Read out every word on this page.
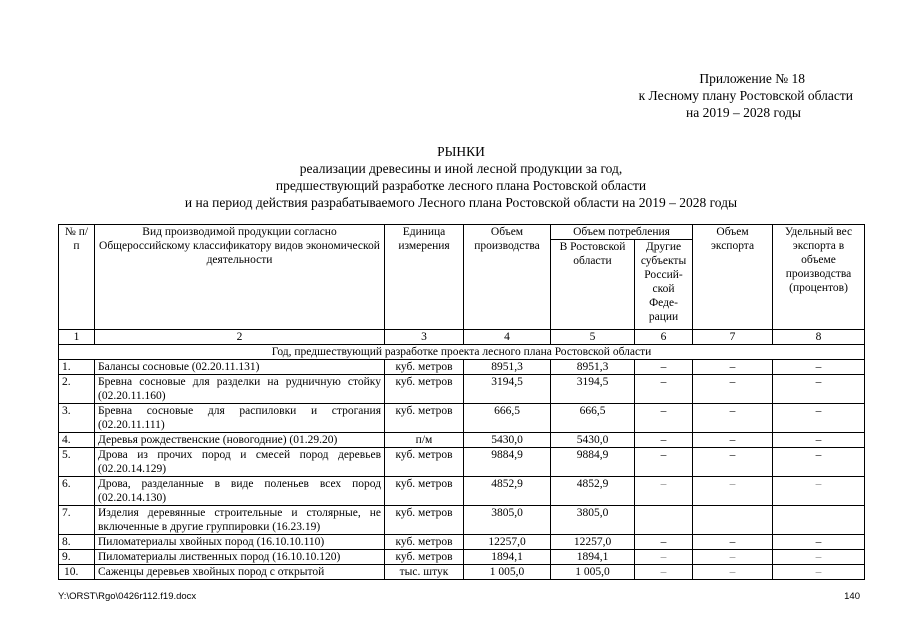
Приложение № 18
к Лесному плану Ростовской области
на 2019 – 2028 годы
РЫНКИ
реализации древесины и иной лесной продукции за год,
предшествующий разработке лесного плана Ростовской области
и на период действия разрабатываемого Лесного плана Ростовской области на 2019 – 2028 годы
№ п/п	Вид производимой продукции согласно Общероссийскому классификатору видов экономической деятельности	Единица измерения	Объем производства	Объем потребления		Объем экспорта	Удельный вес экспорта в объеме производства (процентов)
				В Ростовской области	Другие субъекты Россий-ской Феде-рации		
1	2	3	4	5	6	7	8
Год, предшествующий разработке проекта лесного плана Ростовской области							
1.	Балансы сосновые (02.20.11.131)	куб. метров	8951,3	8951,3	–	–	–
2.	Бревна сосновые для разделки на рудничную стойку (02.20.11.160)	куб. метров	3194,5	3194,5	–	–	–
3.	Бревна сосновые для распиловки и строгания (02.20.11.111)	куб. метров	666,5	666,5	–	–	–
4.	Деревья рождественские (новогодние) (01.29.20)	п/м	5430,0	5430,0	–	–	–
5.	Дрова из прочих пород и смесей пород деревьев (02.20.14.129)	куб. метров	9884,9	9884,9	–	–	–
6.	Дрова, разделанные в виде поленьев всех пород (02.20.14.130)	куб. метров	4852,9	4852,9	–	–	–
7.	Изделия деревянные строительные и столярные, не включенные в другие группировки (16.23.19)	куб. метров	3805,0	3805,0			
8.	Пиломатериалы хвойных пород (16.10.10.110)	куб. метров	12257,0	12257,0	–	–	–
9.	Пиломатериалы лиственных пород (16.10.10.120)	куб. метров	1894,1	1894,1	–	–	–
10.	Саженцы деревьев хвойных пород с открытой	тыс. штук	1 005,0	1 005,0	–	–	–
Y:\ORST\Rgo\0426r112.f19.docx	140
